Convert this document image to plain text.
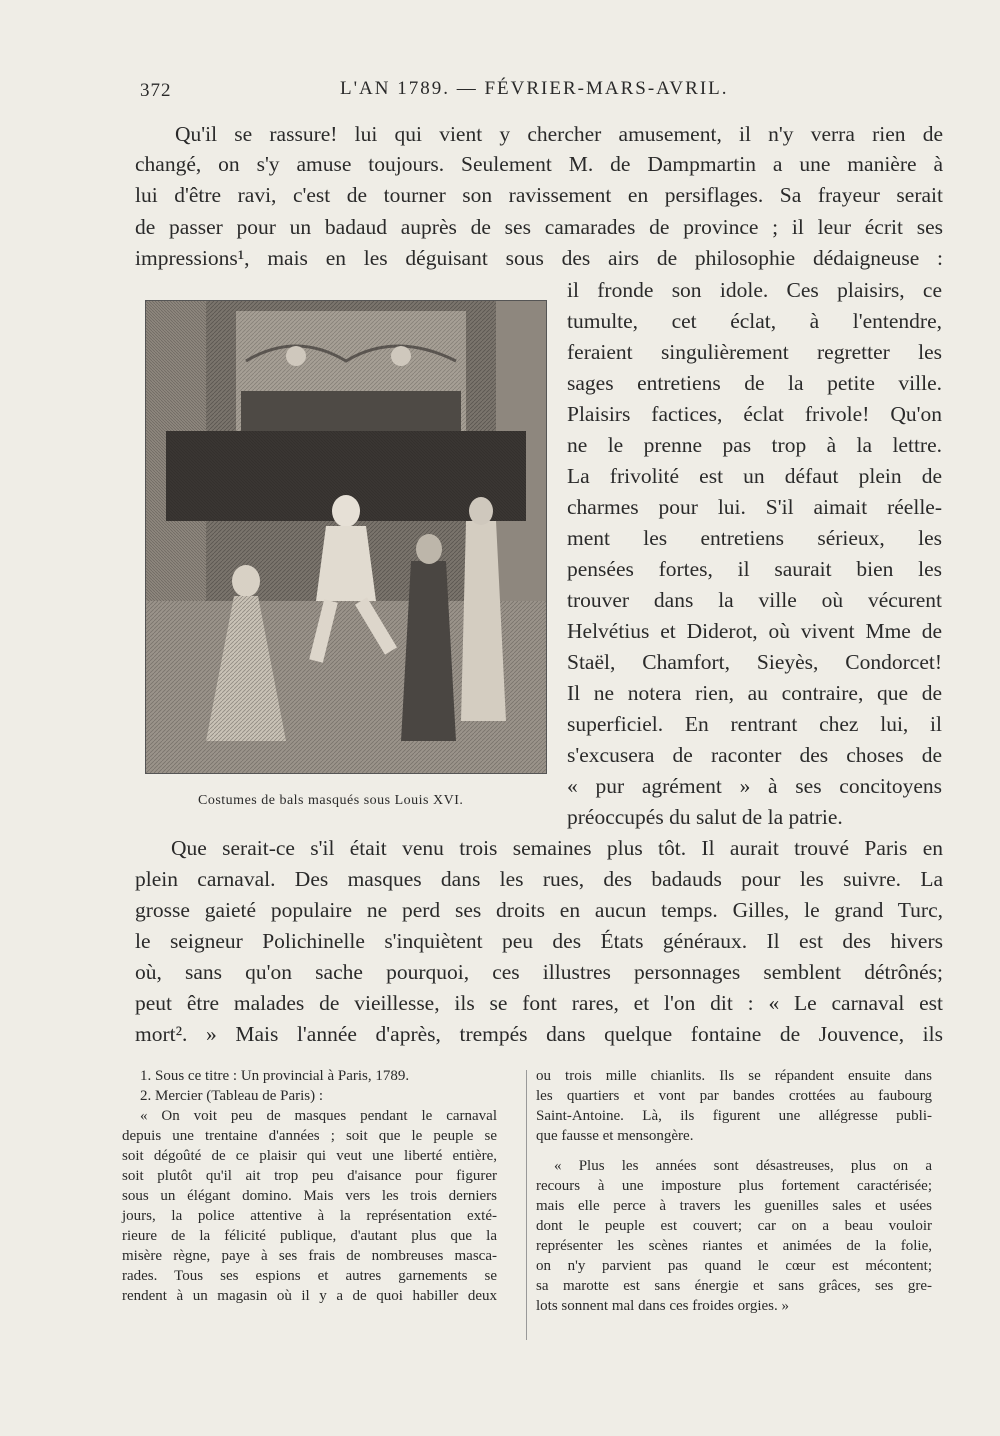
372	L'AN 1789. — FÉVRIER-MARS-AVRIL.
Qu'il se rassure! lui qui vient y chercher amusement, il n'y verra rien de
changé, on s'y amuse toujours. Seulement M. de Dampmartin a une manière à
lui d'être ravi, c'est de tourner son ravissement en persiflages. Sa frayeur serait
de passer pour un badaud auprès de ses camarades de province ; il leur écrit ses
impressions¹, mais en les déguisant sous des airs de philosophie dédaigneuse :
il fronde son idole. Ces plaisirs, ce
tumulte, cet éclat, à l'entendre,
feraient singulièrement regretter les
sages entretiens de la petite ville.
Plaisirs factices, éclat frivole! Qu'on
ne le prenne pas trop à la lettre.
La frivolité est un défaut plein de
charmes pour lui. S'il aimait réelle-
ment les entretiens sérieux, les
pensées fortes, il saurait bien les
trouver dans la ville où vécurent
Helvétius et Diderot, où vivent Mme de
Staël, Chamfort, Sieyès, Condorcet!
Il ne notera rien, au contraire, que de
superficiel. En rentrant chez lui, il
s'excusera de raconter des choses de
« pur agrément » à ses concitoyens
préoccupés du salut de la patrie.
Que serait-ce s'il était venu trois semaines plus tôt. Il aurait trouvé Paris en
plein carnaval. Des masques dans les rues, des badauds pour les suivre. La
grosse gaieté populaire ne perd ses droits en aucun temps. Gilles, le grand Turc,
le seigneur Polichinelle s'inquiètent peu des États généraux. Il est des hivers
où, sans qu'on sache pourquoi, ces illustres personnages semblent détrônés;
peut être malades de vieillesse, ils se font rares, et l'on dit : « Le carnaval est
mort². » Mais l'année d'après, trempés dans quelque fontaine de Jouvence, ils
Costumes de bals masqués sous Louis XVI.
1. Sous ce titre : Un provincial à Paris, 1789.
2. Mercier (Tableau de Paris) :
« On voit peu de masques pendant le carnaval
depuis une trentaine d'années ; soit que le peuple se
soit dégoûté de ce plaisir qui veut une liberté entière,
soit plutôt qu'il ait trop peu d'aisance pour figurer
sous un élégant domino. Mais vers les trois derniers
jours, la police attentive à la représentation exté-
rieure de la félicité publique, d'autant plus que la
misère règne, paye à ses frais de nombreuses masca-
rades. Tous ses espions et autres garnements se
rendent à un magasin où il y a de quoi habiller deux
ou trois mille chianlits. Ils se répandent ensuite dans
les quartiers et vont par bandes crottées au faubourg
Saint-Antoine. Là, ils figurent une allégresse publi-
que fausse et mensongère.
« Plus les années sont désastreuses, plus on a
recours à une imposture plus fortement caractérisée;
mais elle perce à travers les guenilles sales et usées
dont le peuple est couvert; car on a beau vouloir
représenter les scènes riantes et animées de la folie,
on n'y parvient pas quand le cœur est mécontent;
sa marotte est sans énergie et sans grâces, ses gre-
lots sonnent mal dans ces froides orgies. »
